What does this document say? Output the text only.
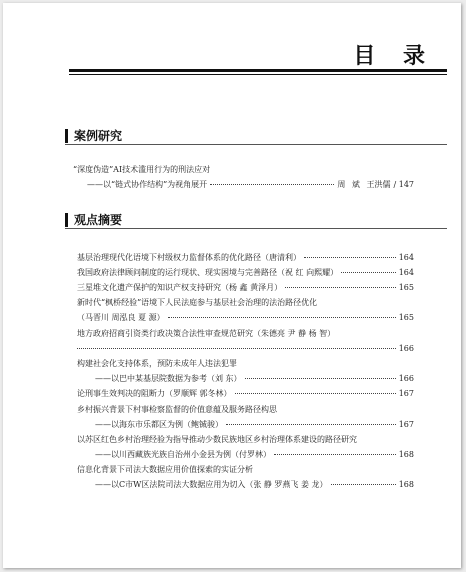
目 录
案例研究
“深度伪造”AI技术滥用行为的刑法应对
——以“链式协作结构”为视角展开	周 斌 王洪儒 / 147
观点摘要
基层治理现代化语境下村级权力监督体系的优化路径（唐清利）	164
我国政府法律顾问制度的运行现状、现实困境与完善路径（祝 红 向熙耀）	164
三星堆文化遗产保护的知识产权支持研究（杨 鑫 黄泽月）	165
新时代“枫桥经验”语境下人民法庭参与基层社会治理的法治路径优化
（马晋川 周泓良 夏 源）	165
地方政府招商引资类行政决策合法性审查规范研究（朱德亮 尹 静 杨 智）
166
构建社会化支持体系，预防未成年人违法犯罪
——以巴中某基层院数据为参考（刘 东）	166
论刑事生效判决的阻断力（罗顺辉 郭冬林）	167
乡村振兴背景下村事检察监督的价值意蕴及服务路径构思
——以海东市乐都区为例（鲍铖骏）	167
以苏区红色乡村治理经验为指导推动少数民族地区乡村治理体系建设的路径研究
——以川西藏族光族自治州小金县为例（付罗林）	168
信息化背景下司法大数据应用价值探索的实证分析
——以C市W区法院司法大数据应用为切入（张 静 罗燕飞 姜 龙）	168
